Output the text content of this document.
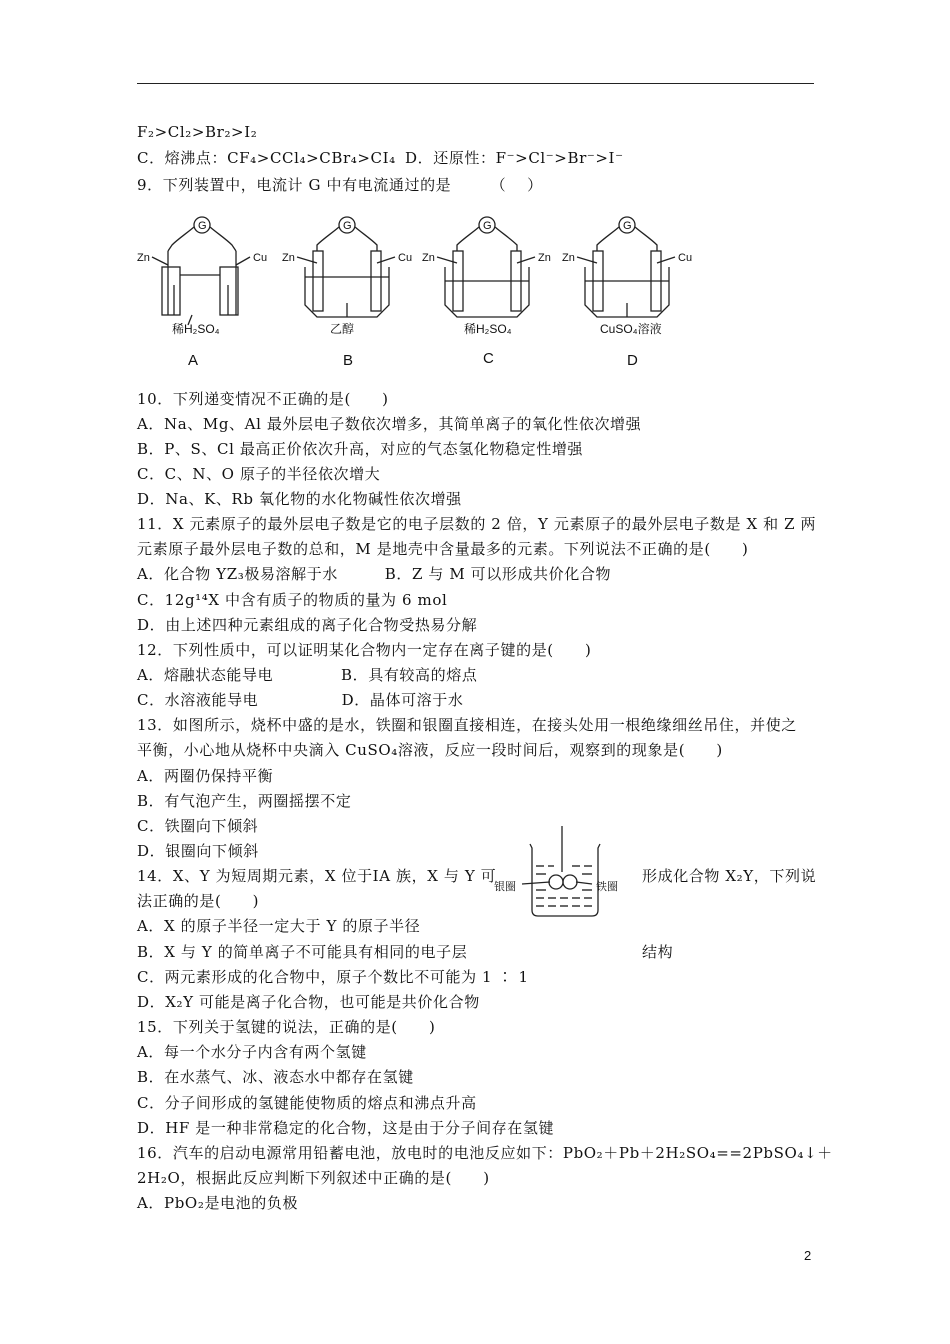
F₂>Cl₂>Br₂>I₂
C．熔沸点：CF₄>CCl₄>CBr₄>CI₄ D．还原性：F⁻>Cl⁻>Br⁻>I⁻
9．下列装置中，电流计 G 中有电流通过的是　　　（　 ）
G	G	G	G
Zn	Cu Zn	Cu Zn	Zn Zn	Cu
稀H₂SO₄	乙醇	稀H₂SO₄	CuSO₄溶液
A	B	C	D
10．下列递变情况不正确的是(　　)
A．Na、Mg、Al 最外层电子数依次增多，其简单离子的氧化性依次增强
B．P、S、Cl 最高正价依次升高，对应的气态氢化物稳定性增强
C．C、N、O 原子的半径依次增大
D．Na、K、Rb 氧化物的水化物碱性依次增强
11．X 元素原子的最外层电子数是它的电子层数的 2 倍，Y 元素原子的最外层电子数是 X 和 Z 两
元素原子最外层电子数的总和，M 是地壳中含量最多的元素。下列说法不正确的是(　　)
A．化合物 YZ₃极易溶解于水　　　B．Z 与 M 可以形成共价化合物
C．12g¹⁴X 中含有质子的物质的量为 6 mol
D．由上述四种元素组成的离子化合物受热易分解
12．下列性质中，可以证明某化合物内一定存在离子键的是(　　)
A．熔融状态能导电　　　　 B．具有较高的熔点
C．水溶液能导电　　　　　 D．晶体可溶于水
13．如图所示，烧杯中盛的是水，铁圈和银圈直接相连，在接头处用一根绝缘细丝吊住，并使之
平衡，小心地从烧杯中央滴入 CuSO₄溶液，反应一段时间后，观察到的现象是(　　)
A．两圈仍保持平衡
B．有气泡产生，两圈摇摆不定
C．铁圈向下倾斜
D．银圈向下倾斜
银圈	铁圈
14．X、Y 为短周期元素，X 位于ⅠA 族，X 与 Y 可	形成化合物 X₂Y，下列说
法正确的是(　　)
A．X 的原子半径一定大于 Y 的原子半径
B．X 与 Y 的简单离子不可能具有相同的电子层	结构
C．两元素形成的化合物中，原子个数比不可能为 1 ∶ 1
D．X₂Y 可能是离子化合物，也可能是共价化合物
15．下列关于氢键的说法，正确的是(　　)
A．每一个水分子内含有两个氢键
B．在水蒸气、冰、液态水中都存在氢键
C．分子间形成的氢键能使物质的熔点和沸点升高
D．HF 是一种非常稳定的化合物，这是由于分子间存在氢键
16．汽车的启动电源常用铅蓄电池，放电时的电池反应如下：PbO₂＋Pb＋2H₂SO₄==2PbSO₄↓＋
2H₂O，根据此反应判断下列叙述中正确的是(　　)
A．PbO₂是电池的负极
2
